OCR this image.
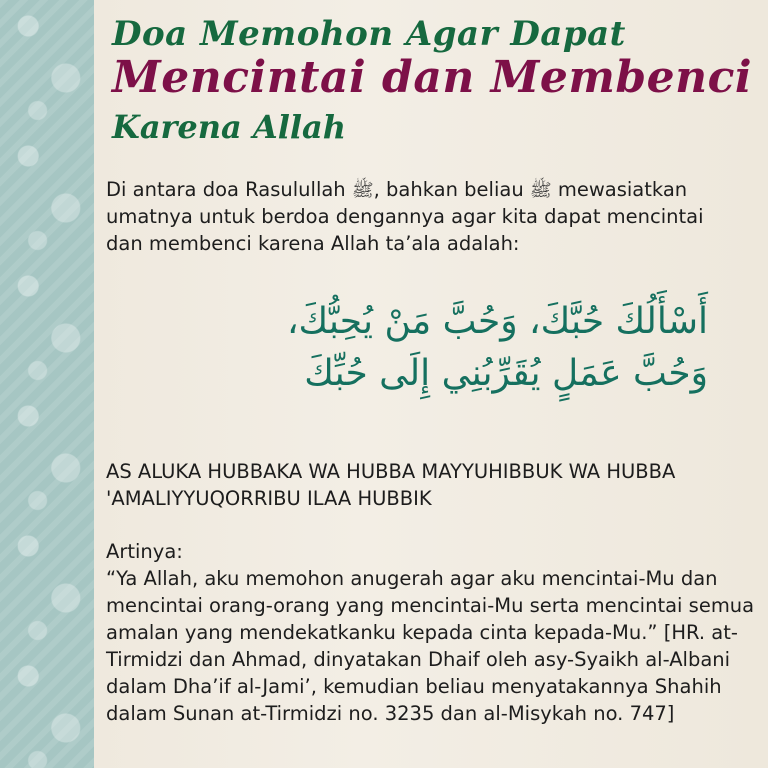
Doa Memohon Agar Dapat
Mencintai dan Membenci
Karena Allah

Di antara doa Rasulullah ﷺ, bahkan beliau ﷺ mewasiatkan umatnya untuk berdoa dengannya agar kita dapat mencintai dan membenci karena Allah ta’ala adalah:

أَسْأَلُكَ حُبَّكَ، وَحُبَّ مَنْ يُحِبُّكَ،
وَحُبَّ عَمَلٍ يُقَرِّبُنِي إِلَى حُبِّكَ

AS ALUKA HUBBAKA WA HUBBA MAYYUHIBBUK WA HUBBA 'AMALIYYUQORRIBU ILAA HUBBIK

Artinya:

“Ya Allah, aku memohon anugerah agar aku mencintai-Mu dan mencintai orang-orang yang mencintai-Mu serta mencintai semua amalan yang mendekatkanku kepada cinta kepada-Mu.” [HR. at-Tirmidzi dan Ahmad, dinyatakan Dhaif oleh asy-Syaikh al-Albani dalam Dha’if al-Jami’, kemudian beliau menyatakannya Shahih dalam Sunan at-Tirmidzi no. 3235 dan al-Misykah no. 747]
